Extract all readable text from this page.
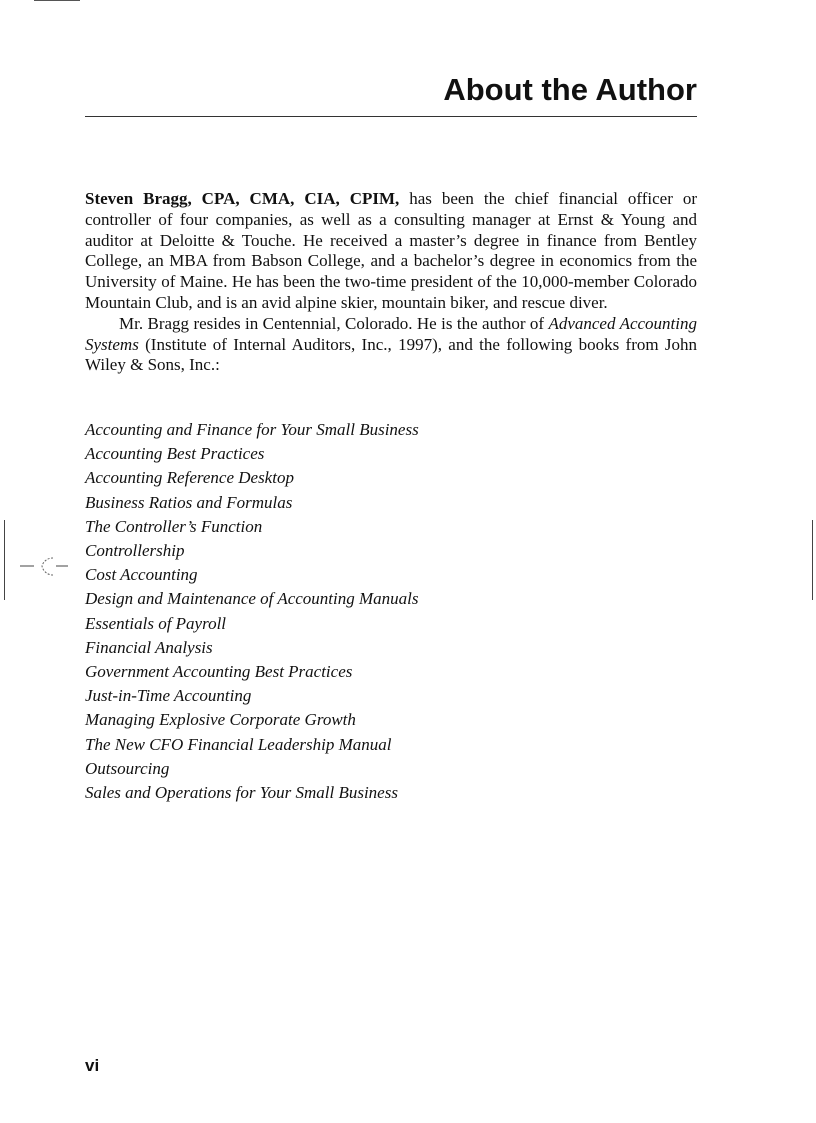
About the Author

Steven Bragg, CPA, CMA, CIA, CPIM, has been the chief financial officer or controller of four companies, as well as a consulting manager at Ernst & Young and auditor at Deloitte & Touche. He received a master’s degree in finance from Bentley College, an MBA from Babson College, and a bachelor’s degree in economics from the University of Maine. He has been the two-time president of the 10,000-member Colorado Mountain Club, and is an avid alpine skier, mountain biker, and rescue diver.

Mr. Bragg resides in Centennial, Colorado. He is the author of Advanced Accounting Systems (Institute of Internal Auditors, Inc., 1997), and the following books from John Wiley & Sons, Inc.:

Accounting and Finance for Your Small Business
Accounting Best Practices
Accounting Reference Desktop
Business Ratios and Formulas
The Controller’s Function
Controllership
Cost Accounting
Design and Maintenance of Accounting Manuals
Essentials of Payroll
Financial Analysis
Government Accounting Best Practices
Just-in-Time Accounting
Managing Explosive Corporate Growth
The New CFO Financial Leadership Manual
Outsourcing
Sales and Operations for Your Small Business
vi
